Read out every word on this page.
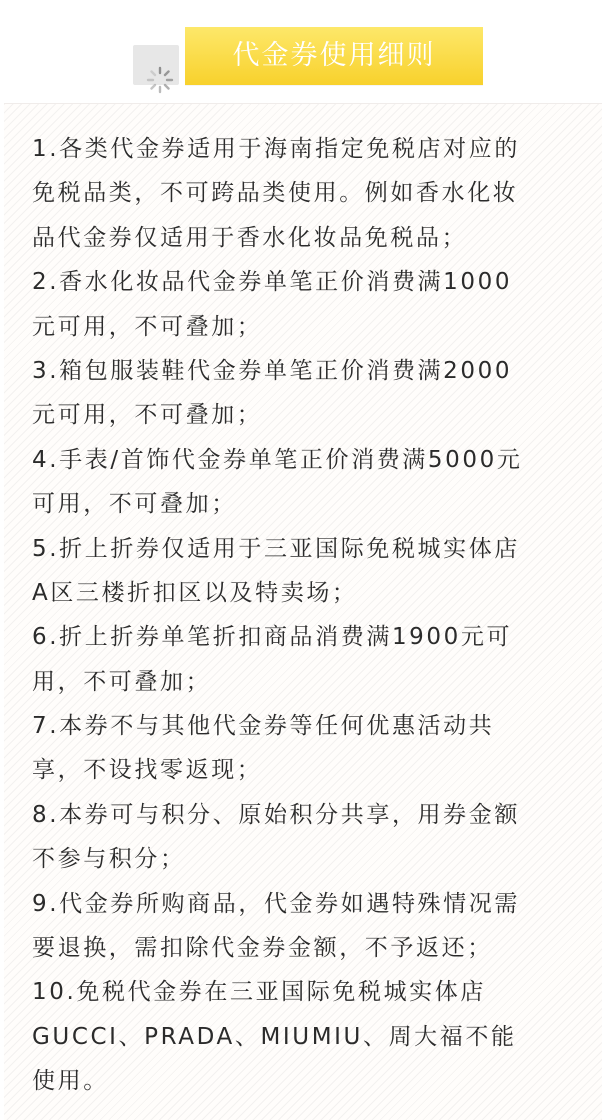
代金券使用细则
1.各类代金券适用于海南指定免税店对应的
免税品类，不可跨品类使用。例如香水化妆
品代金券仅适用于香水化妆品免税品；
2.香水化妆品代金券单笔正价消费满1000
元可用，不可叠加；
3.箱包服装鞋代金券单笔正价消费满2000
元可用，不可叠加；
4.手表/首饰代金券单笔正价消费满5000元
可用，不可叠加；
5.折上折券仅适用于三亚国际免税城实体店
A区三楼折扣区以及特卖场；
6.折上折券单笔折扣商品消费满1900元可
用，不可叠加；
7.本券不与其他代金券等任何优惠活动共
享，不设找零返现；
8.本券可与积分、原始积分共享，用券金额
不参与积分；
9.代金券所购商品，代金券如遇特殊情况需
要退换，需扣除代金券金额，不予返还；
10.免税代金券在三亚国际免税城实体店
GUCCI、PRADA、MIUMIU、周大福不能
使用。
